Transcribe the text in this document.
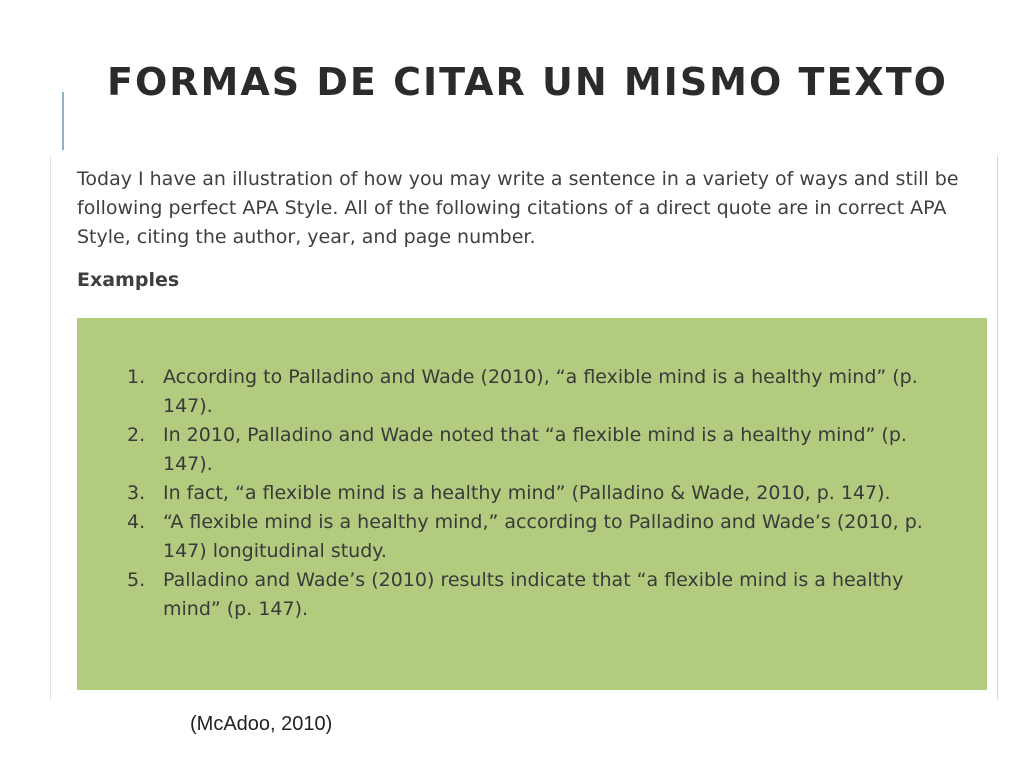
FORMAS DE CITAR UN MISMO TEXTO

Today I have an illustration of how you may write a sentence in a variety of ways and still be following perfect APA Style. All of the following citations of a direct quote are in correct APA Style, citing the author, year, and page number.

Examples
1. According to Palladino and Wade (2010), “a flexible mind is a healthy mind” (p. 147).
2. In 2010, Palladino and Wade noted that “a flexible mind is a healthy mind” (p. 147).
3. In fact, “a flexible mind is a healthy mind” (Palladino & Wade, 2010, p. 147).
4. “A flexible mind is a healthy mind,” according to Palladino and Wade’s (2010, p. 147) longitudinal study.
5. Palladino and Wade’s (2010) results indicate that “a flexible mind is a healthy mind” (p. 147).

(McAdoo, 2010)
